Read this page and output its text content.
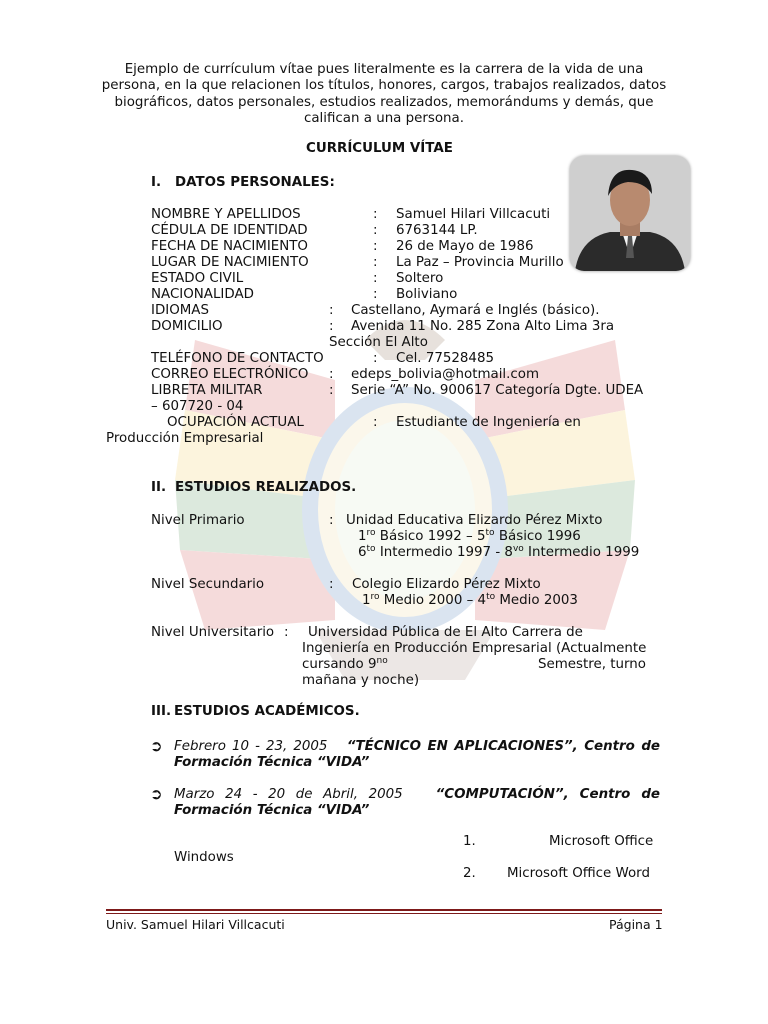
Ejemplo de currículum vítae pues literalmente es la carrera de la vida de una persona, en la que relacionen los títulos, honores, cargos, trabajos realizados, datos biográficos, datos personales, estudios realizados, memorándums y demás, que califican a una persona.
CURRÍCULUM VÍTAE
I. DATOS PERSONALES:
NOMBRE Y APELLIDOS	: Samuel Hilari Villcacuti
CÉDULA DE IDENTIDAD	: 6763144 LP.
FECHA DE NACIMIENTO	: 26 de Mayo de 1986
LUGAR DE NACIMIENTO	: La Paz – Provincia Murillo
ESTADO CIVIL	: Soltero
NACIONALIDAD	: Boliviano
IDIOMAS	: Castellano, Aymará e Inglés (básico).
DOMICILIO	: Avenida 11 No. 285 Zona Alto Lima 3ra
Sección El Alto
TELÉFONO DE CONTACTO	: Cel. 77528485
CORREO ELECTRÓNICO : edeps_bolivia@hotmail.com
LIBRETA MILITAR	: Serie “A” No. 900617 Categoría Dgte. UDEA
– 607720 - 04
OCUPACIÓN ACTUAL	: Estudiante de Ingeniería en
Producción Empresarial
II. ESTUDIOS REALIZADOS.
Nivel Primario	: Unidad Educativa Elizardo Pérez Mixto
$1^{ro}$ Básico $1992 - 5^{to}$ Básico 1996
$6^{to}$ Intermedio $1997 - 8^{vo}$ Intermedio 1999
Nivel Secundario	: Colegio Elizardo Pérez Mixto
$1^{ro}$ Medio $2000 - 4^{to}$ Medio 2003
Nivel Universitario : Universidad Pública de El Alto Carrera de
Ingeniería en Producción Empresarial (Actualmente
cursando $9^{no}$	Semestre, turno
mañana y noche)
III. ESTUDIOS ACADÉMICOS.
➲ Febrero 10 - 23, 2005 “TÉCNICO EN APLICACIONES”, Centro de
Formación Técnica “VIDA”
➲ Marzo 24 - 20 de Abril, 2005 “COMPUTACIÓN”, Centro de
Formación Técnica “VIDA”
1.	Microsoft Office
Windows
2. Microsoft Office Word
Univ. Samuel Hilari Villcacuti	Página 1
